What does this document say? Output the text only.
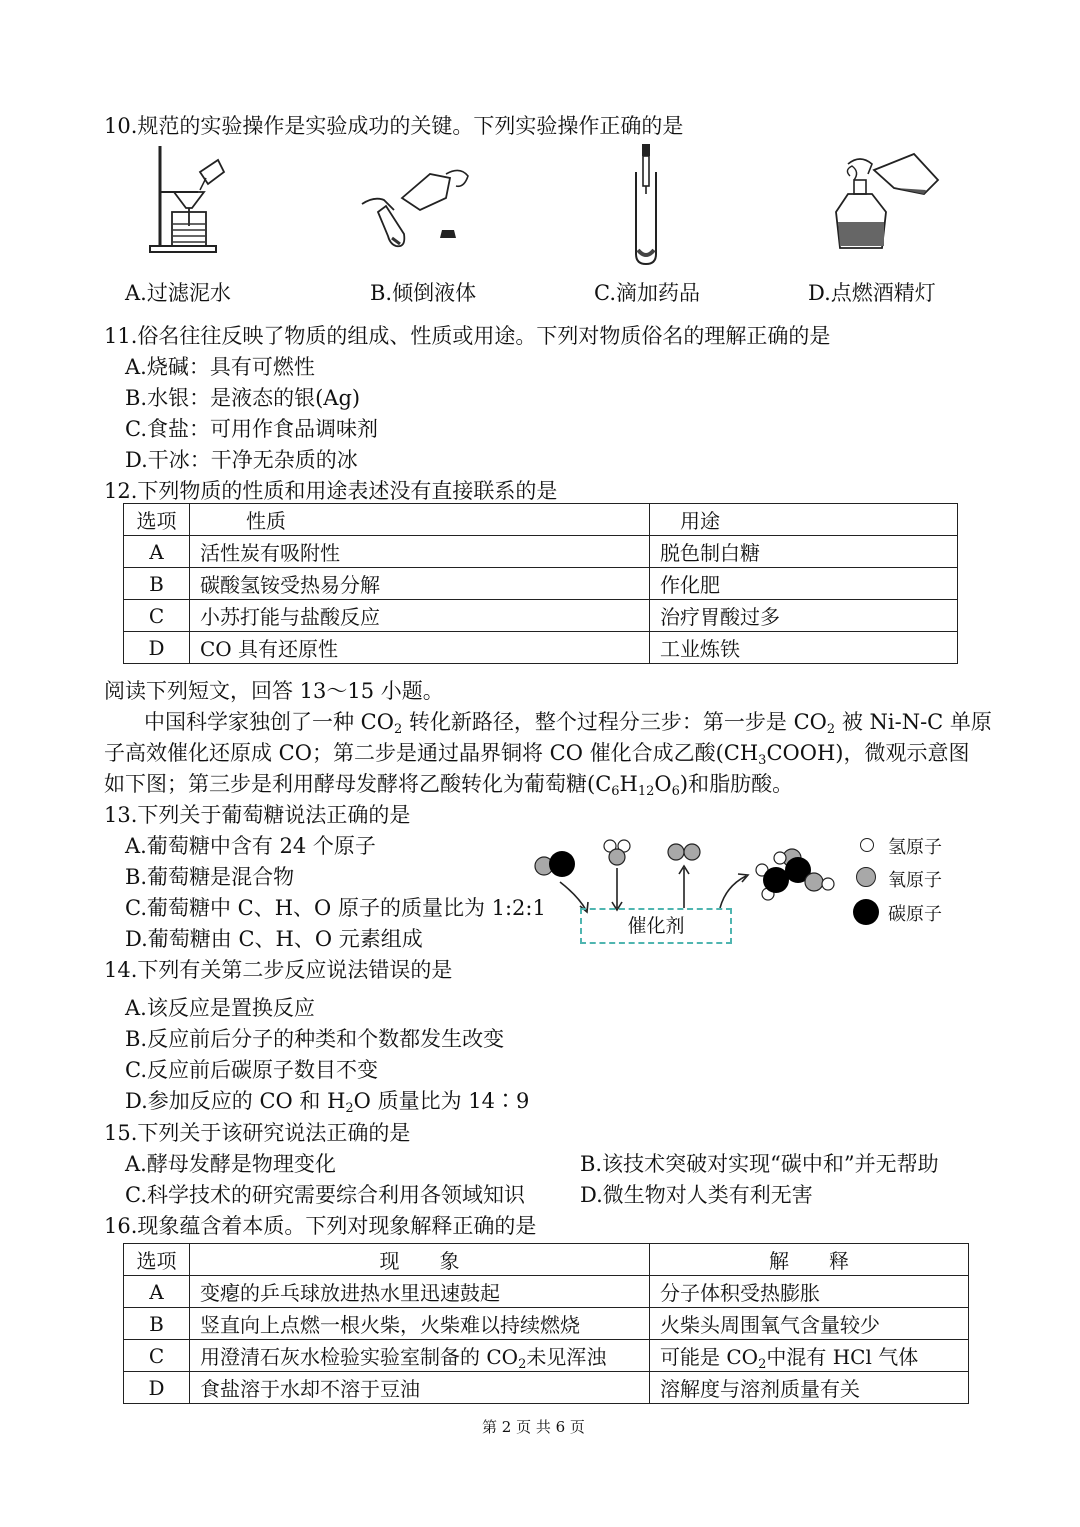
10.规范的实验操作是实验成功的关键。下列实验操作正确的是
A.过滤泥水	B.倾倒液体	C.滴加药品	D.点燃酒精灯
11.俗名往往反映了物质的组成、性质或用途。下列对物质俗名的理解正确的是
A.烧碱：具有可燃性
B.水银：是液态的银(Ag)
C.食盐：可用作食品调味剂
D.干冰：干净无杂质的冰
12.下列物质的性质和用途表述没有直接联系的是
选项	性质	用途
A	活性炭有吸附性	脱色制白糖
B	碳酸氢铵受热易分解	作化肥
C	小苏打能与盐酸反应	治疗胃酸过多
D	CO 具有还原性	工业炼铁
阅读下列短文，回答 13～15 小题。
中国科学家独创了一种 $CO_2$ 转化新路径，整个过程分三步：第一步是 $CO_2$ 被 Ni-N-C 单原
子高效催化还原成 CO；第二步是通过晶界铜将 CO 催化合成乙酸$(CH_3COOH)$，微观示意图
如下图；第三步是利用酵母发酵将乙酸转化为葡萄糖$(C_6H_{12}O_6)$和脂肪酸。
13.下列关于葡萄糖说法正确的是
A.葡萄糖中含有 24 个原子
B.葡萄糖是混合物
C.葡萄糖中 C、H、O 原子的质量比为 1:2:1
D.葡萄糖由 C、H、O 元素组成
催化剂
氢原子
氧原子
碳原子
14.下列有关第二步反应说法错误的是
A.该反应是置换反应
B.反应前后分子的种类和个数都发生改变
C.反应前后碳原子数目不变
D.参加反应的 CO 和 $H_2O$ 质量比为 14∶9
15.下列关于该研究说法正确的是
A.酵母发酵是物理变化	B.该技术突破对实现“碳中和”并无帮助
C.科学技术的研究需要综合利用各领域知识	D.微生物对人类有利无害
16.现象蕴含着本质。下列对现象解释正确的是
选项	现　　象	解　　释
A	变瘪的乒乓球放进热水里迅速鼓起	分子体积受热膨胀
B	竖直向上点燃一根火柴，火柴难以持续燃烧	火柴头周围氧气含量较少
C	用澄清石灰水检验实验室制备的 $CO_2$未见浑浊	可能是 $CO_2$中混有 HCl 气体
D	食盐溶于水却不溶于豆油	溶解度与溶剂质量有关
第 2 页 共 6 页
